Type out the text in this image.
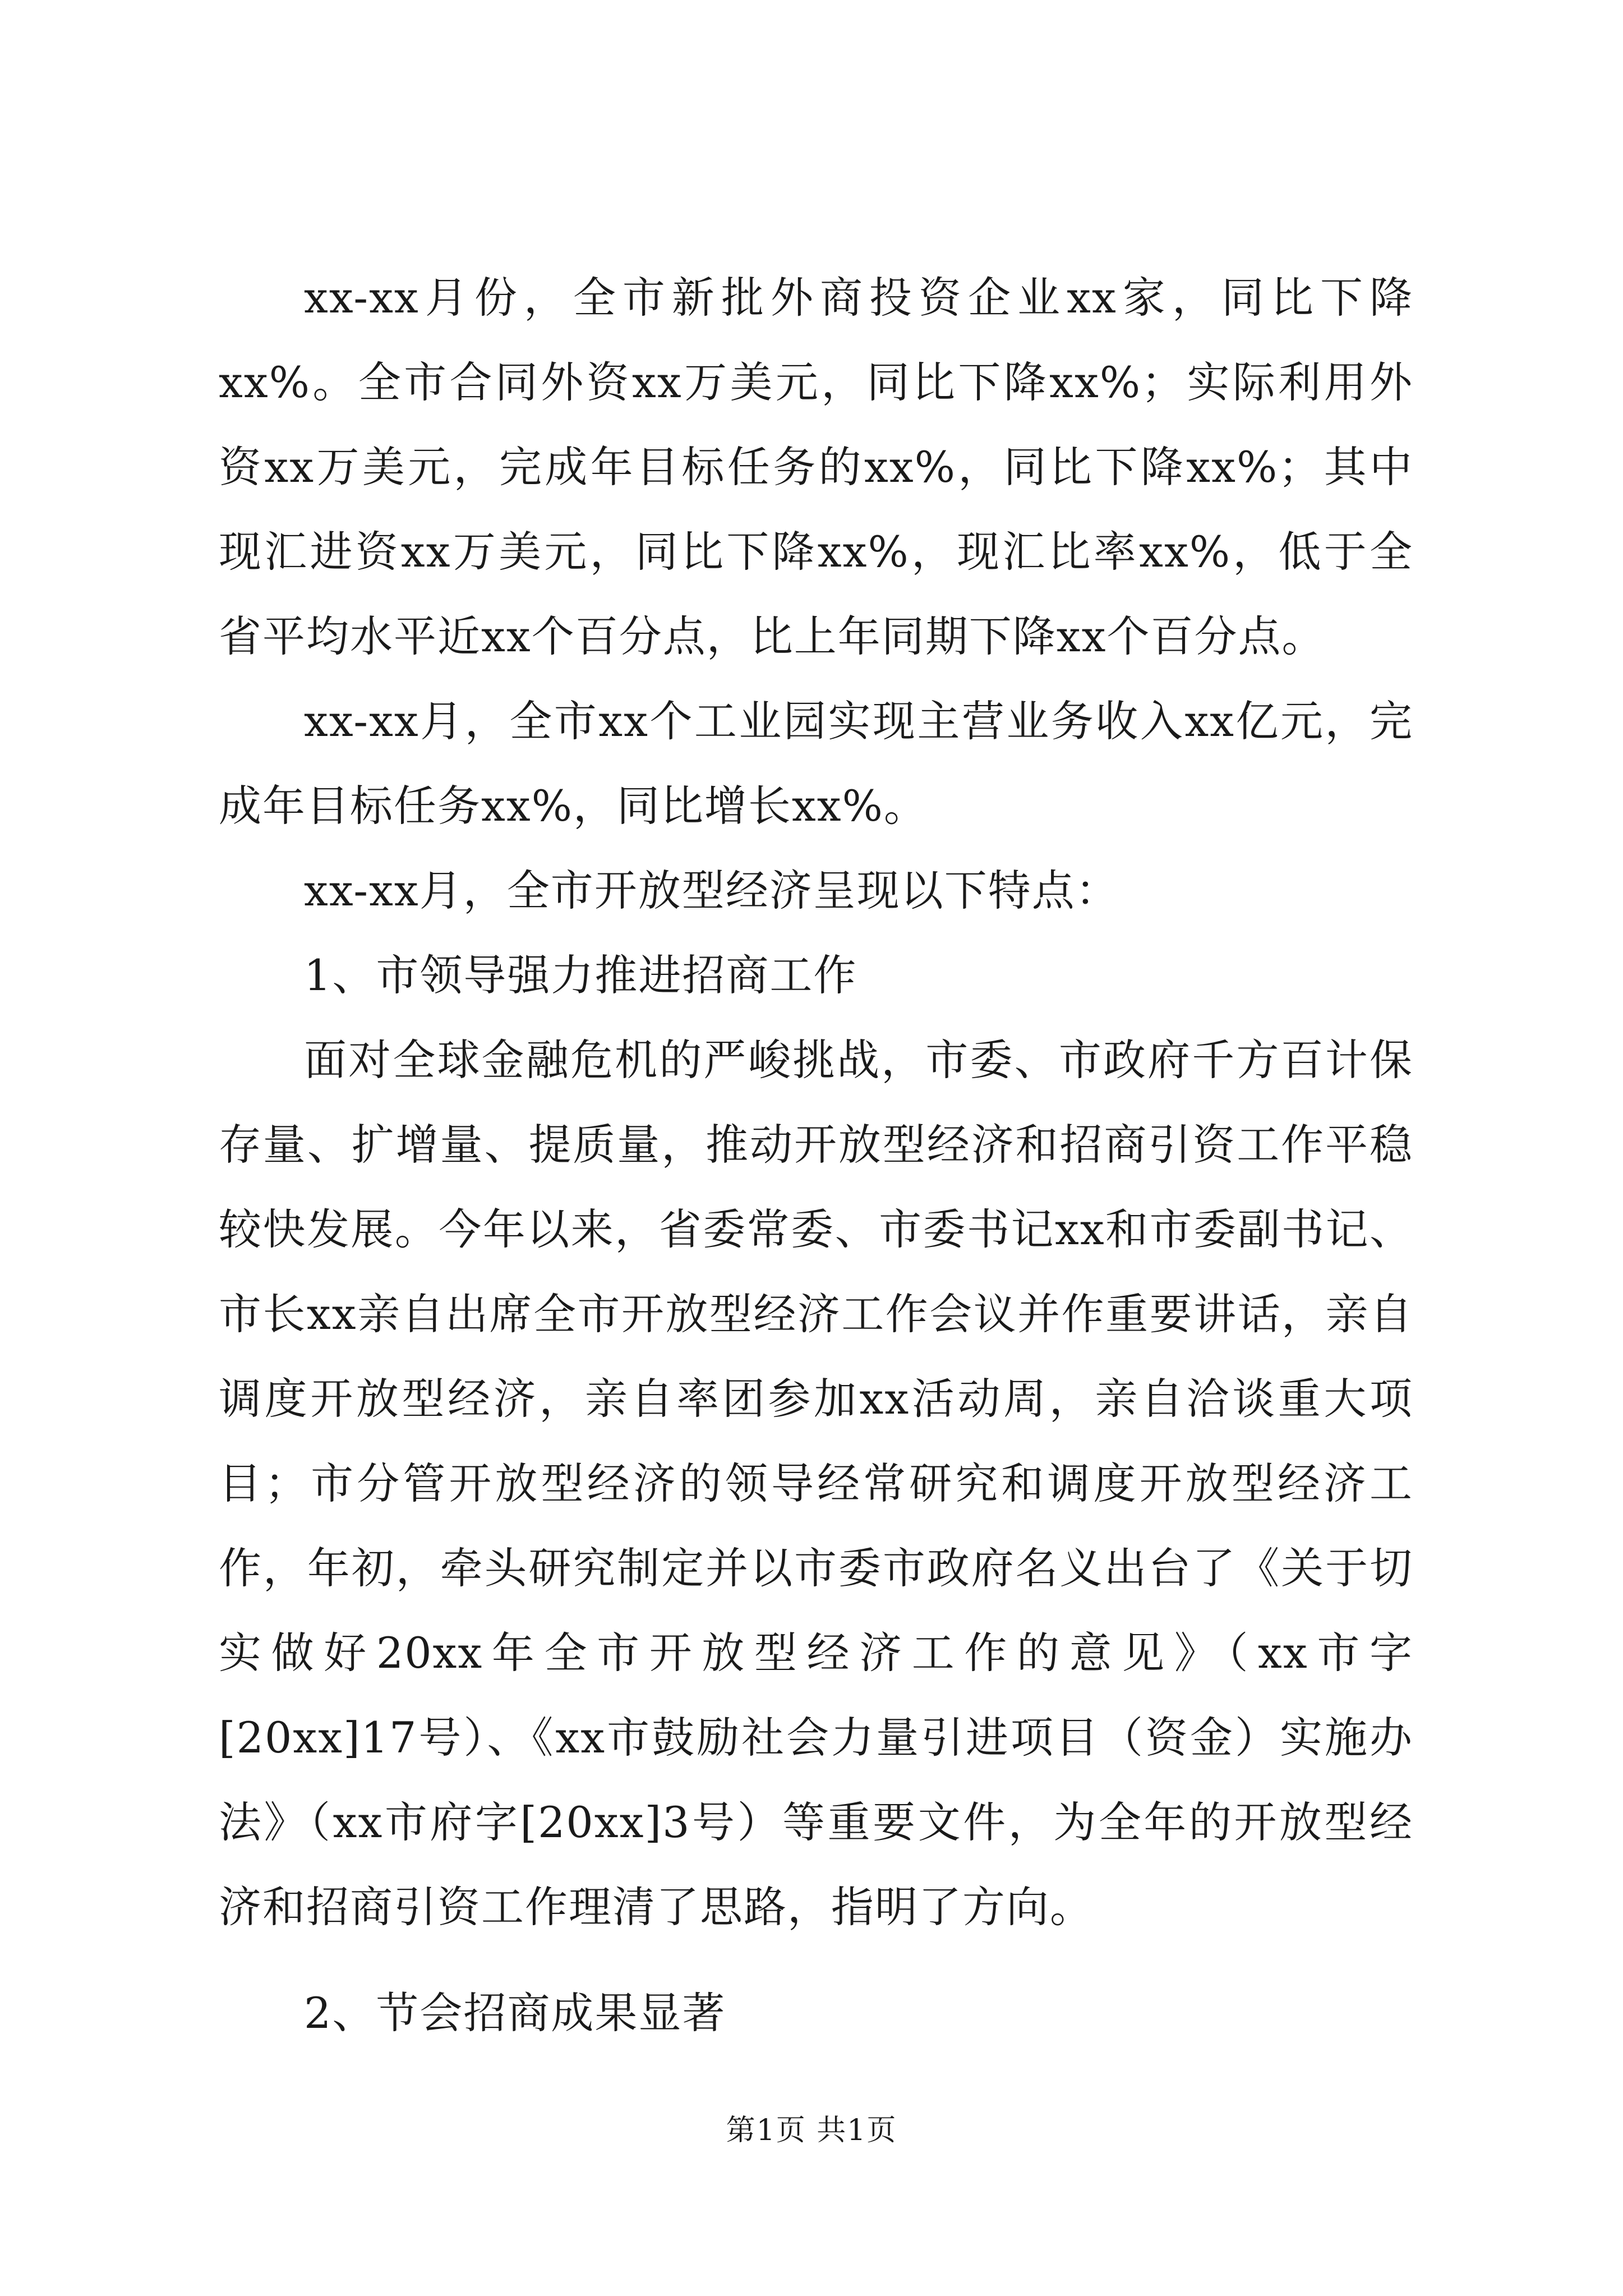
xx-xx月份，全市新批外商投资企业xx家，同比下降xx%。全市合同外资xx万美元，同比下降xx%；实际利用外资xx万美元，完成年目标任务的xx%，同比下降xx%；其中现汇进资xx万美元，同比下降xx%，现汇比率xx%，低于全省平均水平近xx个百分点，比上年同期下降xx个百分点。

xx-xx月，全市xx个工业园实现主营业务收入xx亿元，完成年目标任务xx%，同比增长xx%。

xx-xx月，全市开放型经济呈现以下特点：

1、市领导强力推进招商工作

面对全球金融危机的严峻挑战，市委、市政府千方百计保存量、扩增量、提质量，推动开放型经济和招商引资工作平稳较快发展。今年以来，省委常委、市委书记xx和市委副书记、市长xx亲自出席全市开放型经济工作会议并作重要讲话，亲自调度开放型经济，亲自率团参加xx活动周，亲自洽谈重大项目；市分管开放型经济的领导经常研究和调度开放型经济工作，年初，牵头研究制定并以市委市政府名义出台了《关于切实做好20xx年全市开放型经济工作的意见》（xx市字[20xx]17号）、《xx市鼓励社会力量引进项目（资金）实施办法》（xx市府字[20xx]3号）等重要文件，为全年的开放型经济和招商引资工作理清了思路，指明了方向。

2、节会招商成果显著

第1页 共1页
